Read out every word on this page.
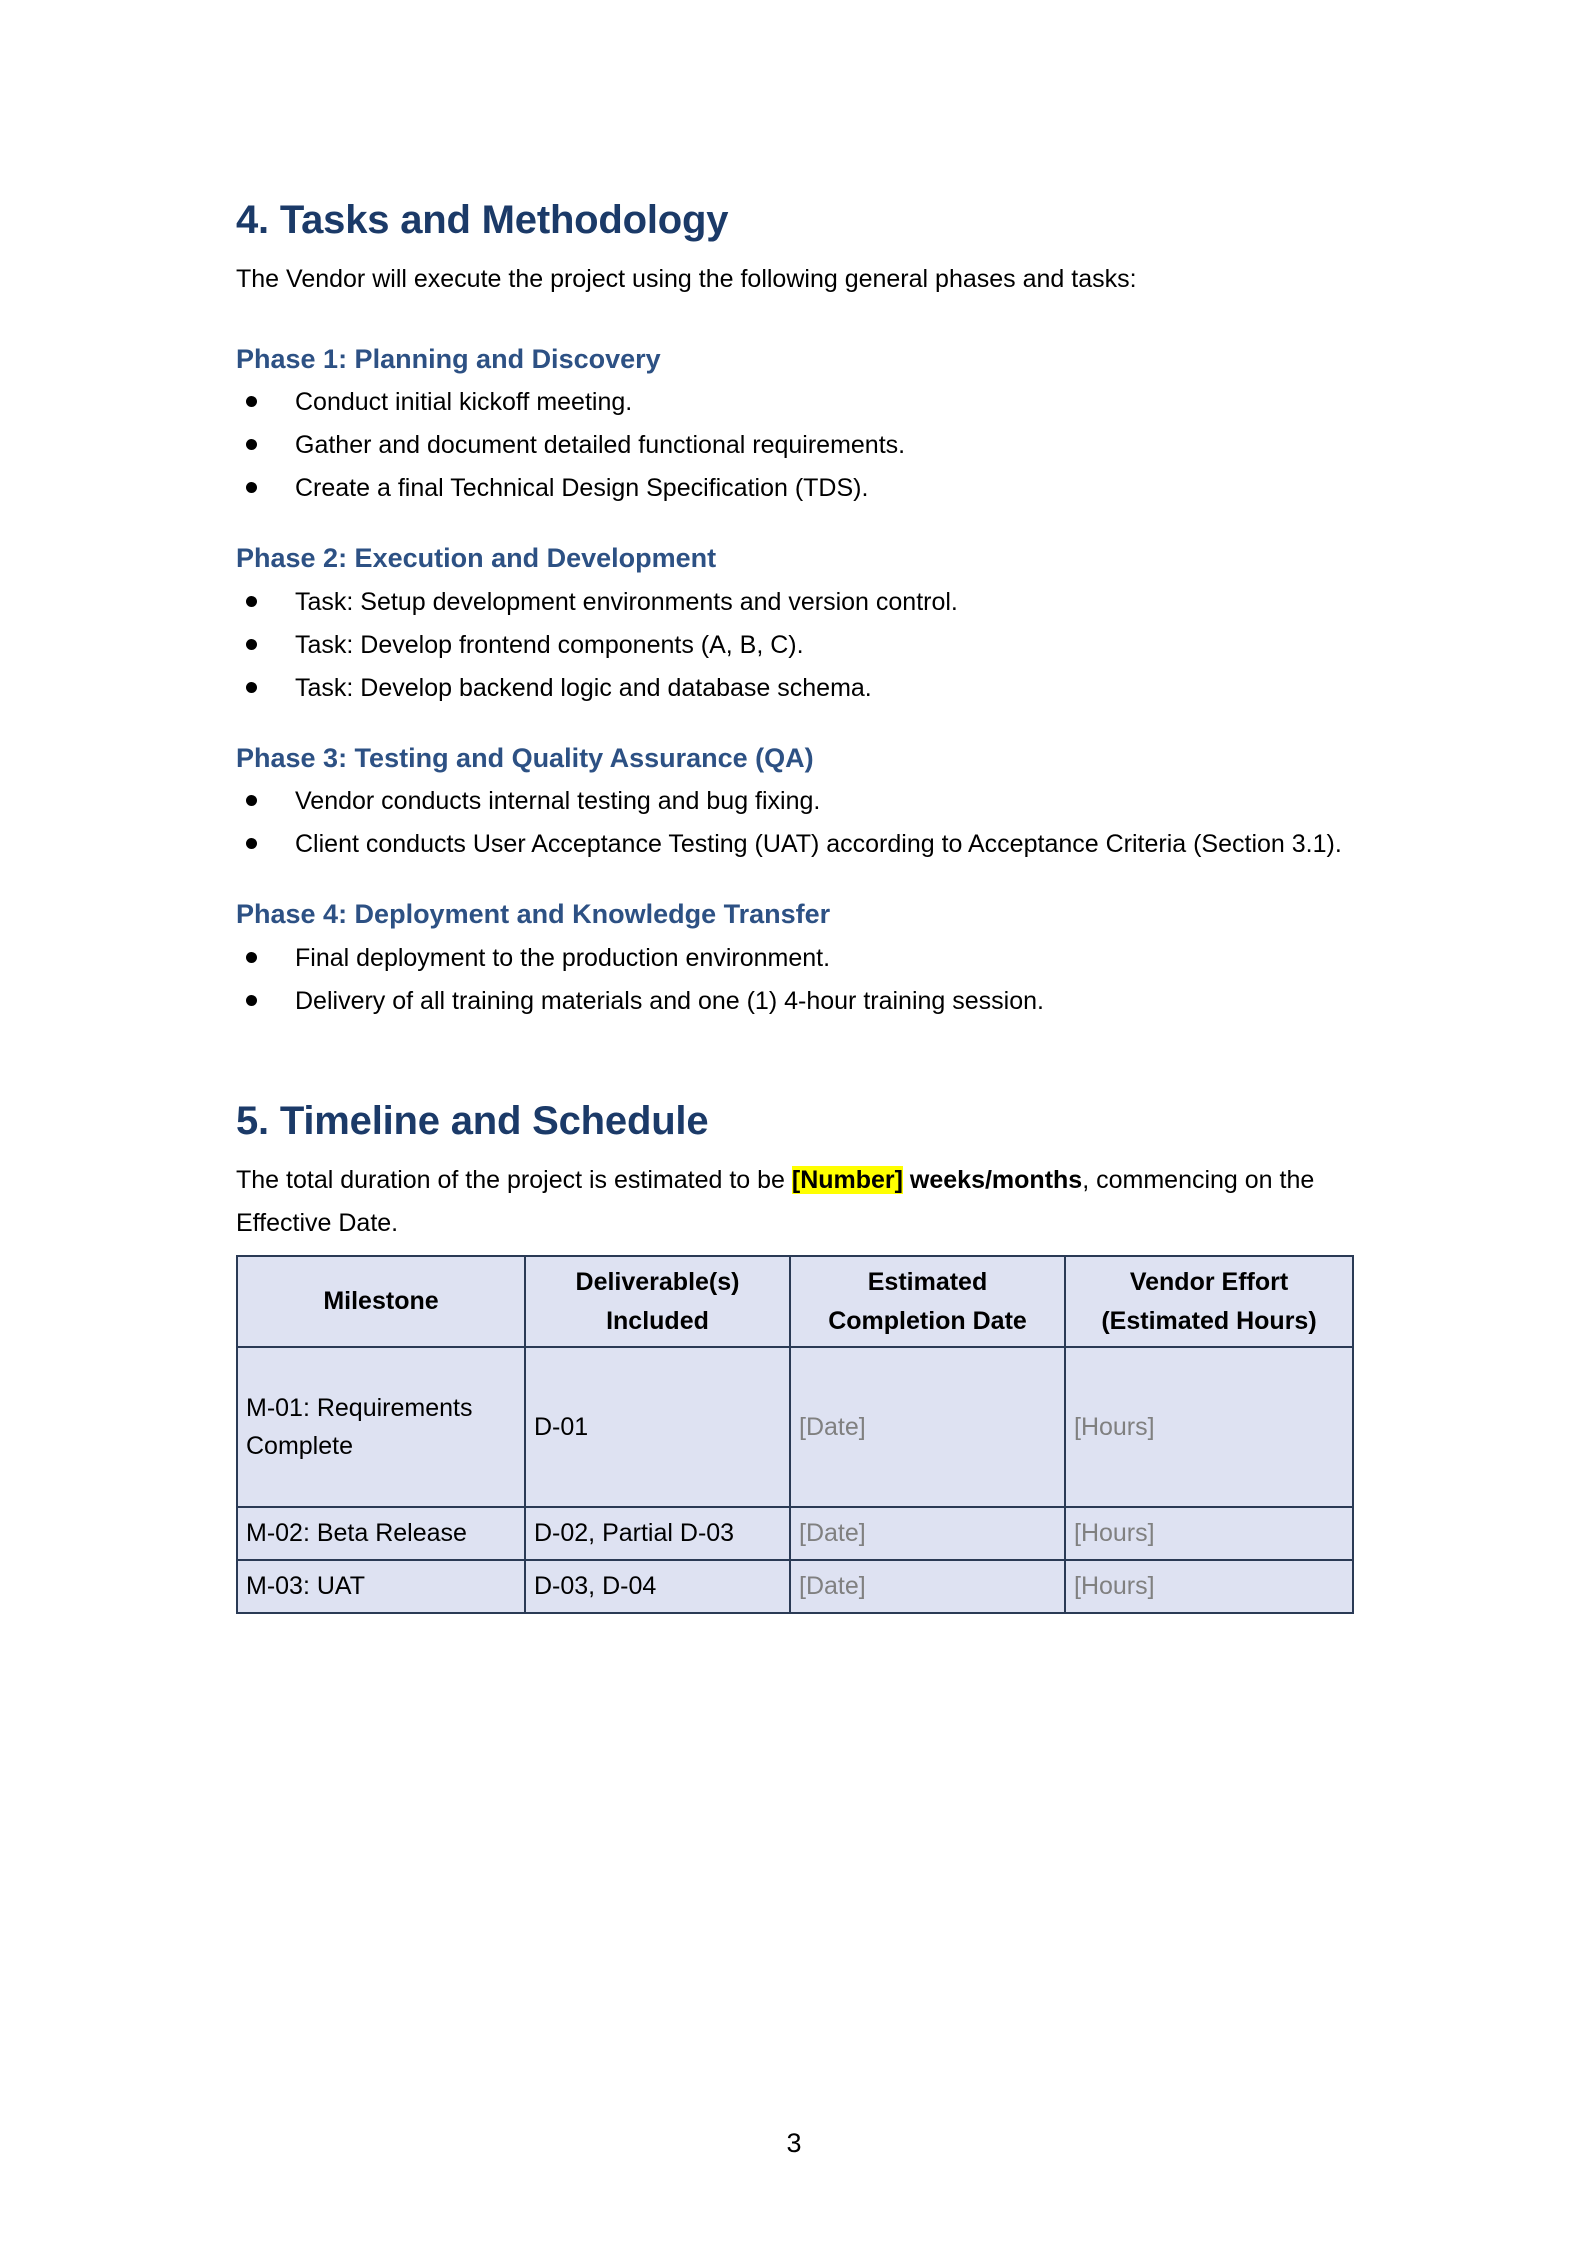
4. Tasks and Methodology

The Vendor will execute the project using the following general phases and tasks:

Phase 1: Planning and Discovery
Conduct initial kickoff meeting.
Gather and document detailed functional requirements.
Create a final Technical Design Specification (TDS).
Phase 2: Execution and Development
Task: Setup development environments and version control.
Task: Develop frontend components (A, B, C).
Task: Develop backend logic and database schema.
Phase 3: Testing and Quality Assurance (QA)
Vendor conducts internal testing and bug fixing.
Client conducts User Acceptance Testing (UAT) according to Acceptance Criteria (Section 3.1).
Phase 4: Deployment and Knowledge Transfer
Final deployment to the production environment.
Delivery of all training materials and one (1) 4-hour training session.
5. Timeline and Schedule

The total duration of the project is estimated to be [Number] weeks/months, commencing on the Effective Date.

Milestone	Deliverable(s) Included	Estimated Completion Date	Vendor Effort (Estimated Hours)
M-01: Requirements Complete	D-01	[Date]	[Hours]
M-02: Beta Release	D-02, Partial D-03	[Date]	[Hours]
M-03: UAT	D-03, D-04	[Date]	[Hours]
3
